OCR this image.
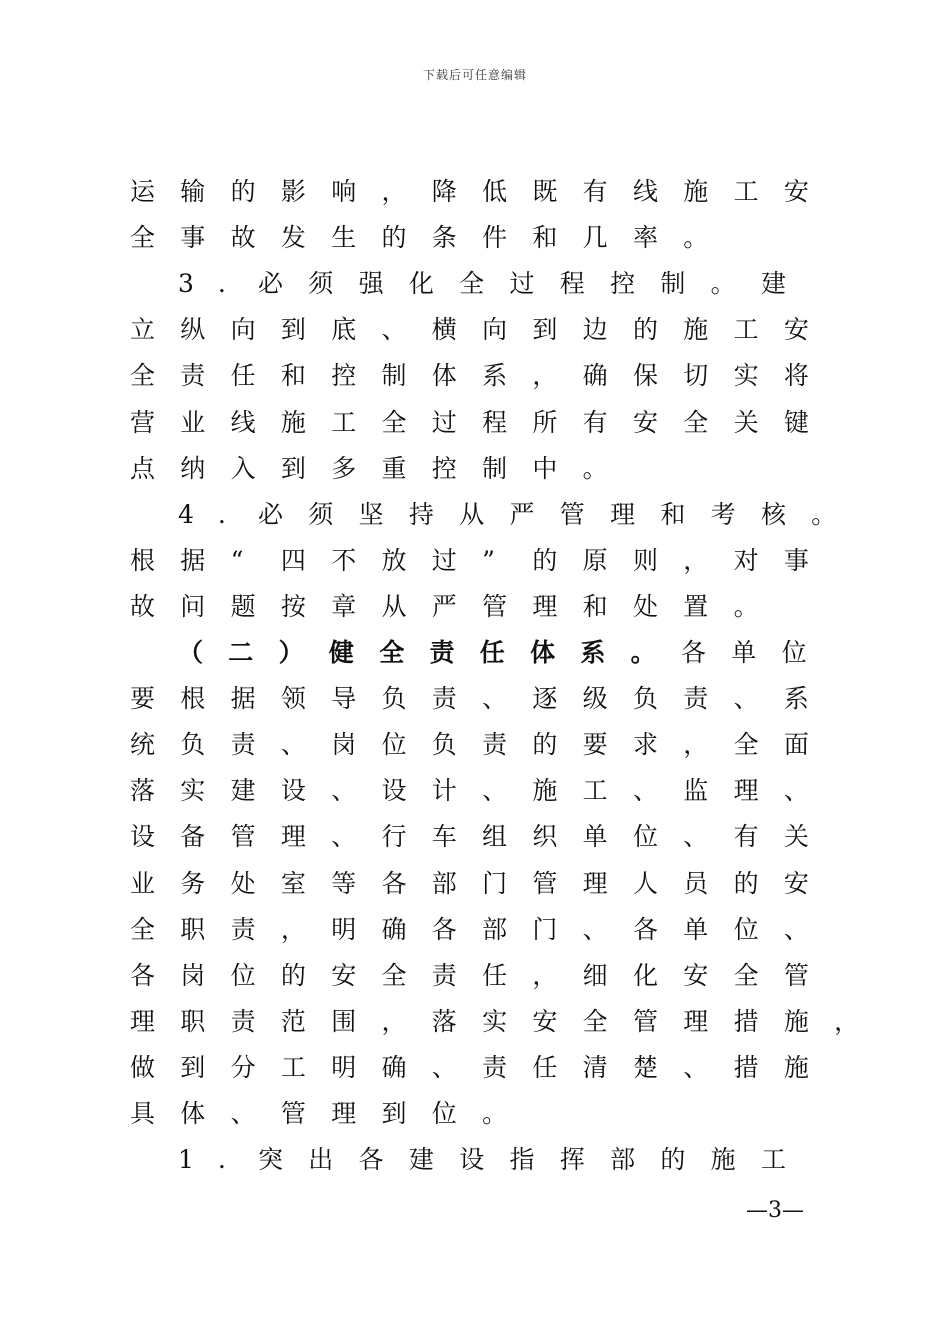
下载后可任意编辑
运 输 的 影 响 ， 降 低 既 有 线 施 工 安
全 事 故 发 生 的 条 件 和 几 率 。
3 ． 必 须 强 化 全 过 程 控 制 。 建
立 纵 向 到 底 、 横 向 到 边 的 施 工 安
全 责 任 和 控 制 体 系 ， 确 保 切 实 将
营 业 线 施 工 全 过 程 所 有 安 全 关 键
点 纳 入 到 多 重 控 制 中 。
4 ． 必 须 坚 持 从 严 管 理 和 考 核 。
根 据 “ 四 不 放 过 ” 的 原 则 ， 对 事
故 问 题 按 章 从 严 管 理 和 处 置 。
（ 二 ） 健 全 责 任 体 系 。 各 单 位
要 根 据 领 导 负 责 、 逐 级 负 责 、 系
统 负 责 、 岗 位 负 责 的 要 求 ， 全 面
落 实 建 设 、 设 计 、 施 工 、 监 理 、
设 备 管 理 、 行 车 组 织 单 位 、 有 关
业 务 处 室 等 各 部 门 管 理 人 员 的 安
全 职 责 ， 明 确 各 部 门 、 各 单 位 、
各 岗 位 的 安 全 责 任 ， 细 化 安 全 管
理 职 责 范 围 ， 落 实 安 全 管 理 措 施 ，
做 到 分 工 明 确 、 责 任 清 楚 、 措 施
具 体 、 管 理 到 位 。
1 ． 突 出 各 建 设 指 挥 部 的 施 工
—3—
